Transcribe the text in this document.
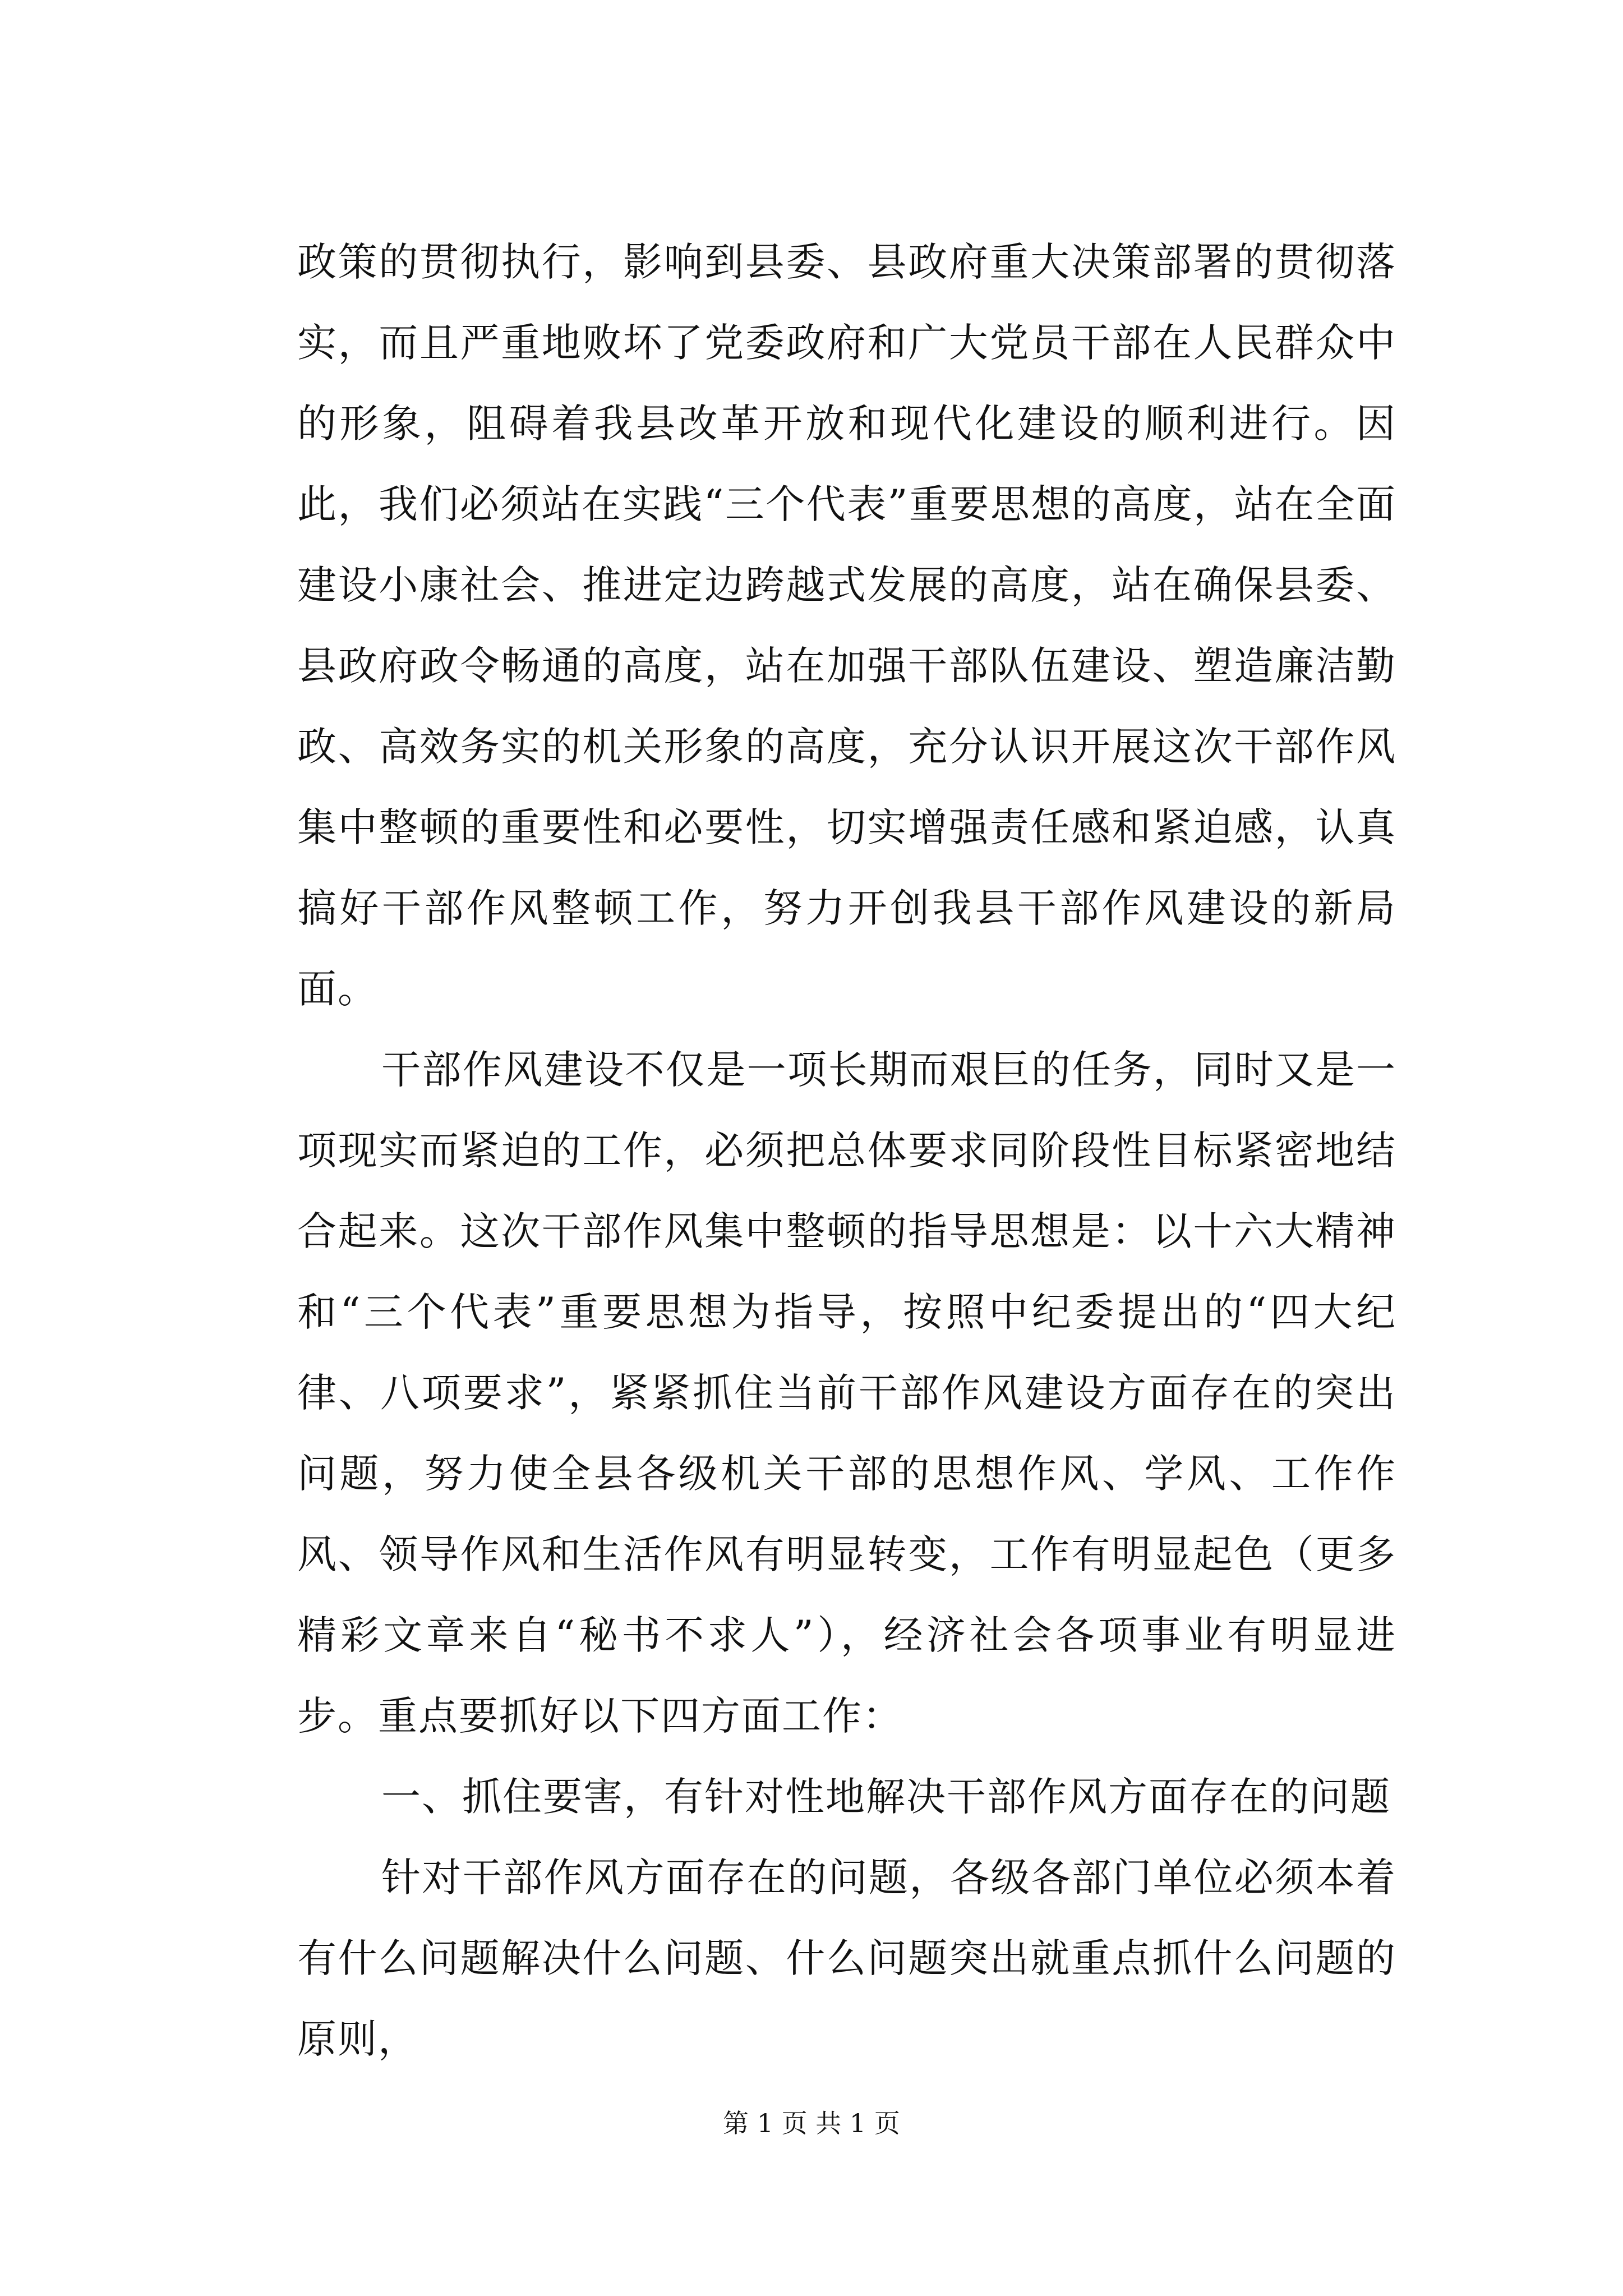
政策的贯彻执行，影响到县委、县政府重大决策部署的贯彻落实，而且严重地败坏了党委政府和广大党员干部在人民群众中的形象，阻碍着我县改革开放和现代化建设的顺利进行。因此，我们必须站在实践“三个代表”重要思想的高度，站在全面建设小康社会、推进定边跨越式发展的高度，站在确保县委、县政府政令畅通的高度，站在加强干部队伍建设、塑造廉洁勤政、高效务实的机关形象的高度，充分认识开展这次干部作风集中整顿的重要性和必要性，切实增强责任感和紧迫感，认真搞好干部作风整顿工作，努力开创我县干部作风建设的新局面。

干部作风建设不仅是一项长期而艰巨的任务，同时又是一项现实而紧迫的工作，必须把总体要求同阶段性目标紧密地结合起来。这次干部作风集中整顿的指导思想是：以十六大精神和“三个代表”重要思想为指导，按照中纪委提出的“四大纪律、八项要求”，紧紧抓住当前干部作风建设方面存在的突出问题，努力使全县各级机关干部的思想作风、学风、工作作风、领导作风和生活作风有明显转变，工作有明显起色（更多精彩文章来自“秘书不求人”），经济社会各项事业有明显进步。重点要抓好以下四方面工作：

一、抓住要害，有针对性地解决干部作风方面存在的问题

针对干部作风方面存在的问题，各级各部门单位必须本着有什么问题解决什么问题、什么问题突出就重点抓什么问题的原则，

第 1 页 共 1 页
